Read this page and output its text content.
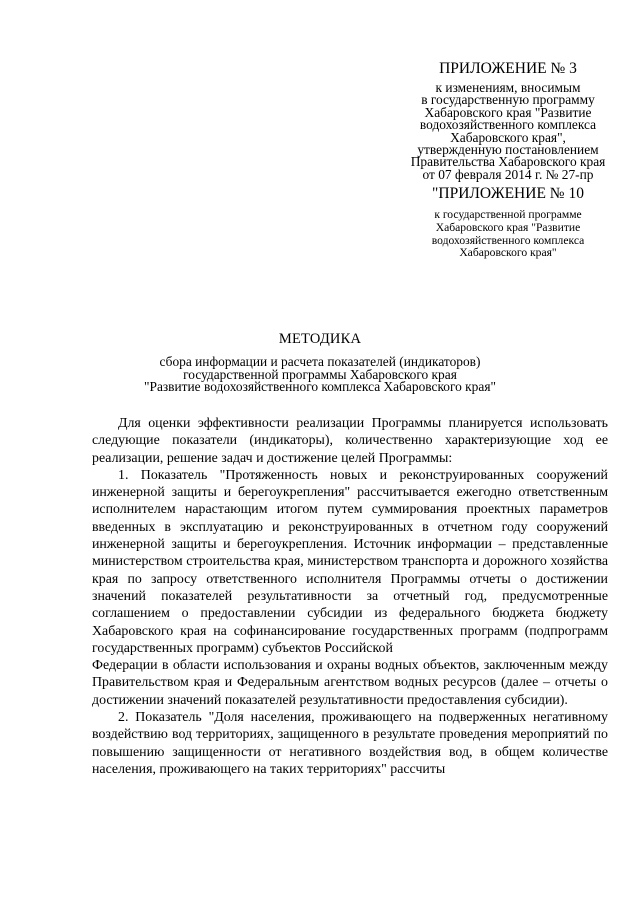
ПРИЛОЖЕНИЕ № 3
к изменениям, вносимым
в государственную программу
Хабаровского края "Развитие
водохозяйственного комплекса
Хабаровского края",
утвержденную постановлением
Правительства Хабаровского края
от 07 февраля 2014 г. № 27-пр
"ПРИЛОЖЕНИЕ № 10
к государственной программе
Хабаровского края "Развитие
водохозяйственного комплекса
Хабаровского края"
МЕТОДИКА
сбора информации и расчета показателей (индикаторов)
государственной программы Хабаровского края
"Развитие водохозяйственного комплекса Хабаровского края"

Для оценки эффективности реализации Программы планируется использовать следующие показатели (индикаторы), количественно характеризующие ход ее реализации, решение задач и достижение целей Программы:

1. Показатель "Протяженность новых и реконструированных сооружений инженерной защиты и берегоукрепления" рассчитывается ежегодно ответственным исполнителем нарастающим итогом путем суммирования проектных параметров введенных в эксплуатацию и реконструированных в отчетном году сооружений инженерной защиты и берегоукрепления. Источник информации – представленные министерством строительства края, министерством транспорта и дорожного хозяйства края по запросу ответственного исполнителя Программы отчеты о достижении значений показателей результативности за отчетный год, предусмотренные соглашением о предоставлении субсидии из федерального бюджета бюджету Хабаровского края на софинансирование государственных программ (подпрограмм государственных программ) субъектов Российской

Федерации в области использования и охраны водных объектов, заключенным между Правительством края и Федеральным агентством водных ресурсов (далее – отчеты о достижении значений показателей результативности предоставления субсидии).

2. Показатель "Доля населения, проживающего на подверженных негативному воздействию вод территориях, защищенного в результате проведения мероприятий по повышению защищенности от негативного воздействия вод, в общем количестве населения, проживающего на таких территориях" рассчиты
